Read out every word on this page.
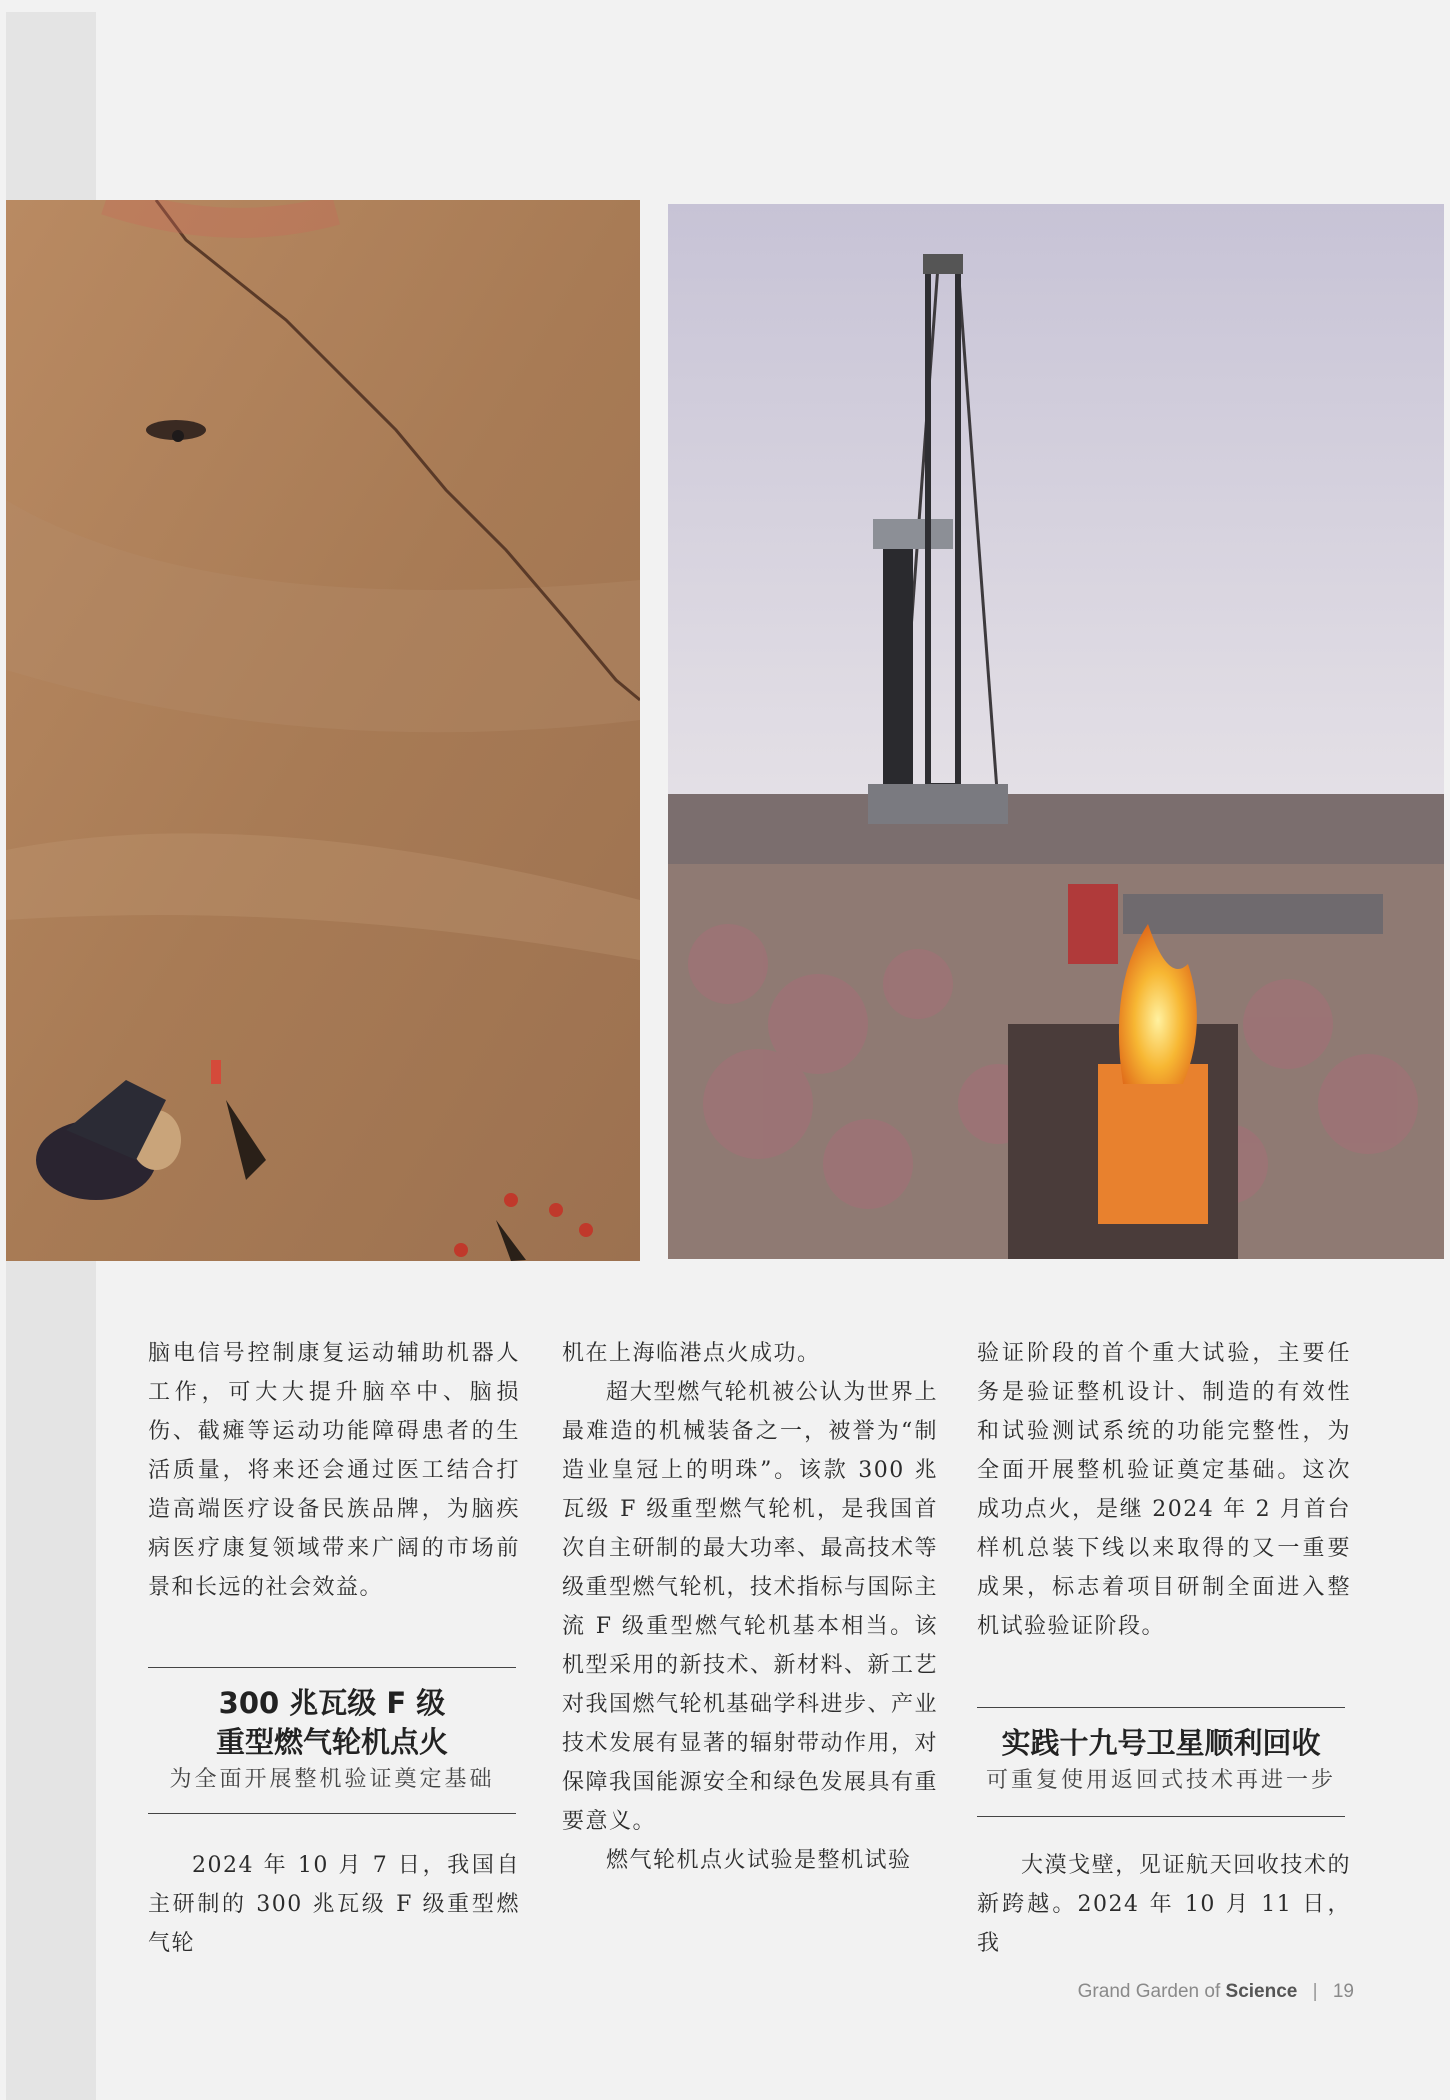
脑电信号控制康复运动辅助机器人工作，可大大提升脑卒中、脑损伤、截瘫等运动功能障碍患者的生活质量，将来还会通过医工结合打造高端医疗设备民族品牌，为脑疾病医疗康复领域带来广阔的市场前景和长远的社会效益。

300 兆瓦级 F 级
重型燃气轮机点火
为全面开展整机验证奠定基础

2024 年 10 月 7 日，我国自主研制的 300 兆瓦级 F 级重型燃气轮

机在上海临港点火成功。

超大型燃气轮机被公认为世界上最难造的机械装备之一，被誉为“制造业皇冠上的明珠”。该款 300 兆瓦级 F 级重型燃气轮机，是我国首次自主研制的最大功率、最高技术等级重型燃气轮机，技术指标与国际主流 F 级重型燃气轮机基本相当。该机型采用的新技术、新材料、新工艺对我国燃气轮机基础学科进步、产业技术发展有显著的辐射带动作用，对保障我国能源安全和绿色发展具有重要意义。

燃气轮机点火试验是整机试验

验证阶段的首个重大试验，主要任务是验证整机设计、制造的有效性和试验测试系统的功能完整性，为全面开展整机验证奠定基础。这次成功点火，是继 2024 年 2 月首台样机总装下线以来取得的又一重要成果，标志着项目研制全面进入整机试验验证阶段。

实践十九号卫星顺利回收
可重复使用返回式技术再进一步

大漠戈壁，见证航天回收技术的新跨越。2024 年 10 月 11 日，我

Grand Garden of Science | 19
